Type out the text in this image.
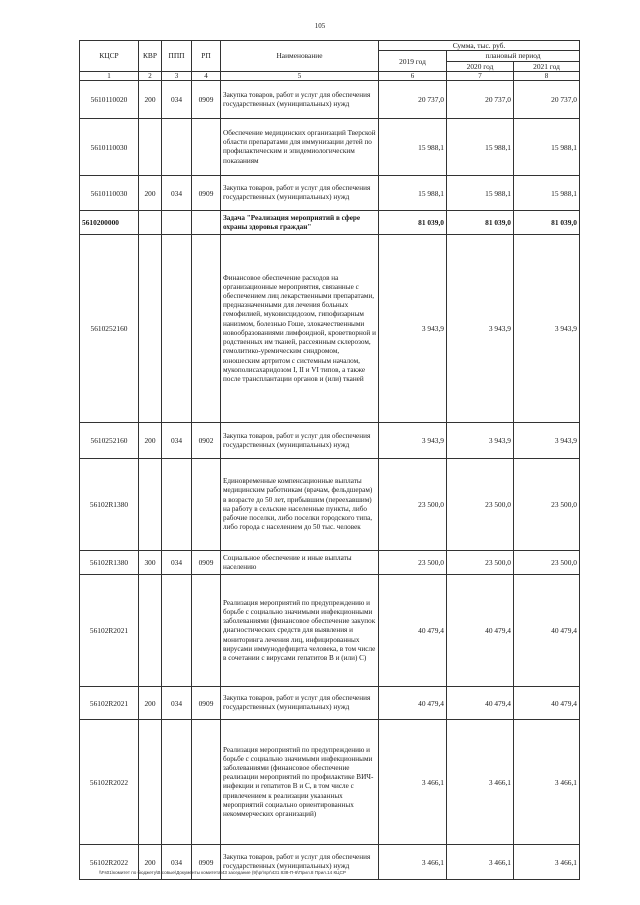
105
КЦСР	КВР	ППП	РП	Наименование	Сумма, тыс. руб.		
					2019 год	плановый период	
						2020 год	2021 год
1	2	3	4	5	6	7	8
5610110020	200	034	0909	Закупка товаров, работ и услуг для обеспечения государственных (муниципальных) нужд	20 737,0	20 737,0	20 737,0
5610110030				Обеспечение медицинских организаций Тверской области препаратами для иммунизации детей по профилактическим и эпидемиологическим показаниям	15 988,1	15 988,1	15 988,1
5610110030	200	034	0909	Закупка товаров, работ и услуг для обеспечения государственных (муниципальных) нужд	15 988,1	15 988,1	15 988,1
5610200000				Задача "Реализация мероприятий в сфере охраны здоровья граждан"	81 039,0	81 039,0	81 039,0
5610252160				Финансовое обеспечение расходов на организационные мероприятия, связанные с обеспечением лиц лекарственными препаратами, предназначенными для лечения больных гемофилией, муковисцидозом, гипофизарным нанизмом, болезнью Гоше, злокачественными новообразованиями лимфоидной, кроветворной и родственных им тканей, рассеянным склерозом, гемолитико-уремическим синдромом, юношеским артритом с системным началом, мукополисахаридозом I, II и VI типов, а также после трансплантации органов и (или) тканей	3 943,9	3 943,9	3 943,9
5610252160	200	034	0902	Закупка товаров, работ и услуг для обеспечения государственных (муниципальных) нужд	3 943,9	3 943,9	3 943,9
56102R1380				Единовременные компенсационные выплаты медицинским работникам (врачам, фельдшерам) в возрасте до 50 лет, прибывшим (переехавшим) на работу в сельские населенные пункты, либо рабочие поселки, либо поселки городского типа, либо города с населением до 50 тыс. человек	23 500,0	23 500,0	23 500,0
56102R1380	300	034	0909	Социальное обеспечение и иные выплаты населению	23 500,0	23 500,0	23 500,0
56102R2021				Реализация мероприятий по предупреждению и борьбе с социально значимыми инфекционными заболеваниями (финансовое обеспечение закупок диагностических средств для выявления и мониторинга лечения лиц, инфицированных вирусами иммунодефицита человека, в том числе в сочетании с вирусами гепатитов В и (или) С)	40 479,4	40 479,4	40 479,4
56102R2021	200	034	0909	Закупка товаров, работ и услуг для обеспечения государственных (муниципальных) нужд	40 479,4	40 479,4	40 479,4
56102R2022				Реализация мероприятий по предупреждению и борьбе с социально значимыми инфекционными заболеваниями (финансовое обеспечение реализации мероприятий по профилактике ВИЧ-инфекции и гепатитов В и С, в том числе с привлечением к реализации указанных мероприятий социально ориентированных некоммерческих организаций)	3 466,1	3 466,1	3 466,1
56102R2022	200	034	0909	Закупка товаров, работ и услуг для обеспечения государственных (муниципальных) нужд	3 466,1	3 466,1	3 466,1
\\Fs01\комитет по бюджету\В совые\Документы комитета\43 заседание (9)\pr\spr\431 838-П-6\Прил.8 Прил.14 КЦСР
